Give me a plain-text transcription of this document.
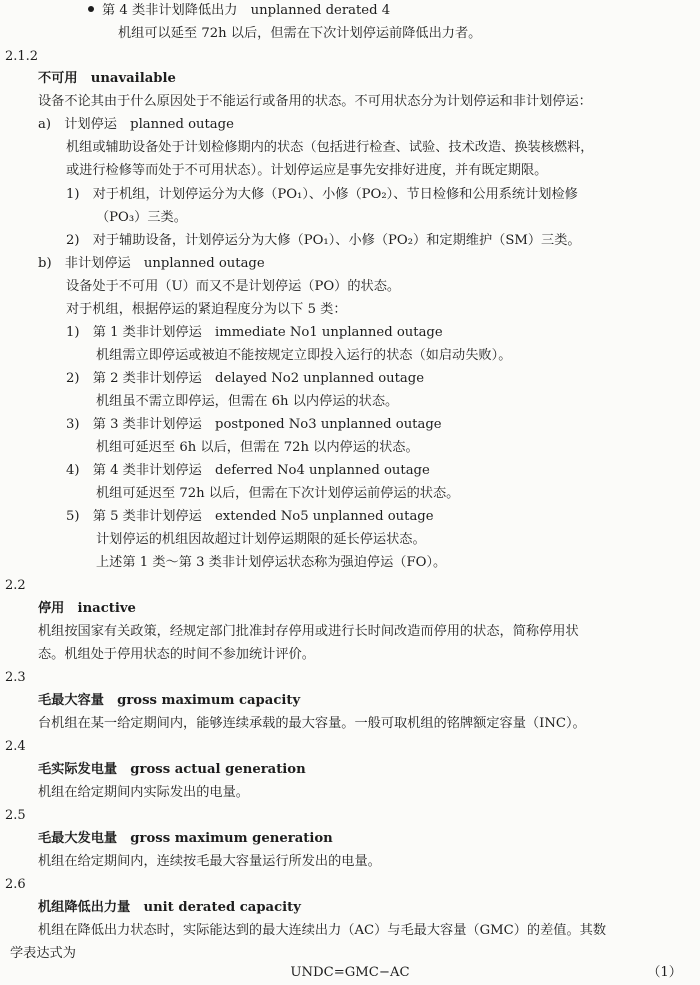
第 4 类非计划降低出力　unplanned derated 4
机组可以延至 72h 以后，但需在下次计划停运前降低出力者。
2.1.2
不可用　unavailable
设备不论其由于什么原因处于不能运行或备用的状态。不可用状态分为计划停运和非计划停运：
a)　计划停运　planned outage
机组或辅助设备处于计划检修期内的状态（包括进行检查、试验、技术改造、换装核燃料，
或进行检修等而处于不可用状态）。计划停运应是事先安排好进度，并有既定期限。
1)　对于机组，计划停运分为大修（PO₁）、小修（PO₂）、节日检修和公用系统计划检修
（PO₃）三类。
2)　对于辅助设备，计划停运分为大修（PO₁）、小修（PO₂）和定期维护（SM）三类。
b)　非计划停运　unplanned outage
设备处于不可用（U）而又不是计划停运（PO）的状态。
对于机组，根据停运的紧迫程度分为以下 5 类：
1)　第 1 类非计划停运　immediate No1 unplanned outage
机组需立即停运或被迫不能按规定立即投入运行的状态（如启动失败）。
2)　第 2 类非计划停运　delayed No2 unplanned outage
机组虽不需立即停运，但需在 6h 以内停运的状态。
3)　第 3 类非计划停运　postponed No3 unplanned outage
机组可延迟至 6h 以后，但需在 72h 以内停运的状态。
4)　第 4 类非计划停运　deferred No4 unplanned outage
机组可延迟至 72h 以后，但需在下次计划停运前停运的状态。
5)　第 5 类非计划停运　extended No5 unplanned outage
计划停运的机组因故超过计划停运期限的延长停运状态。
上述第 1 类～第 3 类非计划停运状态称为强迫停运（FO）。
2.2
停用　inactive
机组按国家有关政策，经规定部门批准封存停用或进行长时间改造而停用的状态，简称停用状
态。机组处于停用状态的时间不参加统计评价。
2.3
毛最大容量　gross maximum capacity
台机组在某一给定期间内，能够连续承载的最大容量。一般可取机组的铭牌额定容量（INC）。
2.4
毛实际发电量　gross actual generation
机组在给定期间内实际发出的电量。
2.5
毛最大发电量　gross maximum generation
机组在给定期间内，连续按毛最大容量运行所发出的电量。
2.6
机组降低出力量　unit derated capacity
机组在降低出力状态时，实际能达到的最大连续出力（AC）与毛最大容量（GMC）的差值。其数
学表达式为
UNDC=GMC−AC	（1）
